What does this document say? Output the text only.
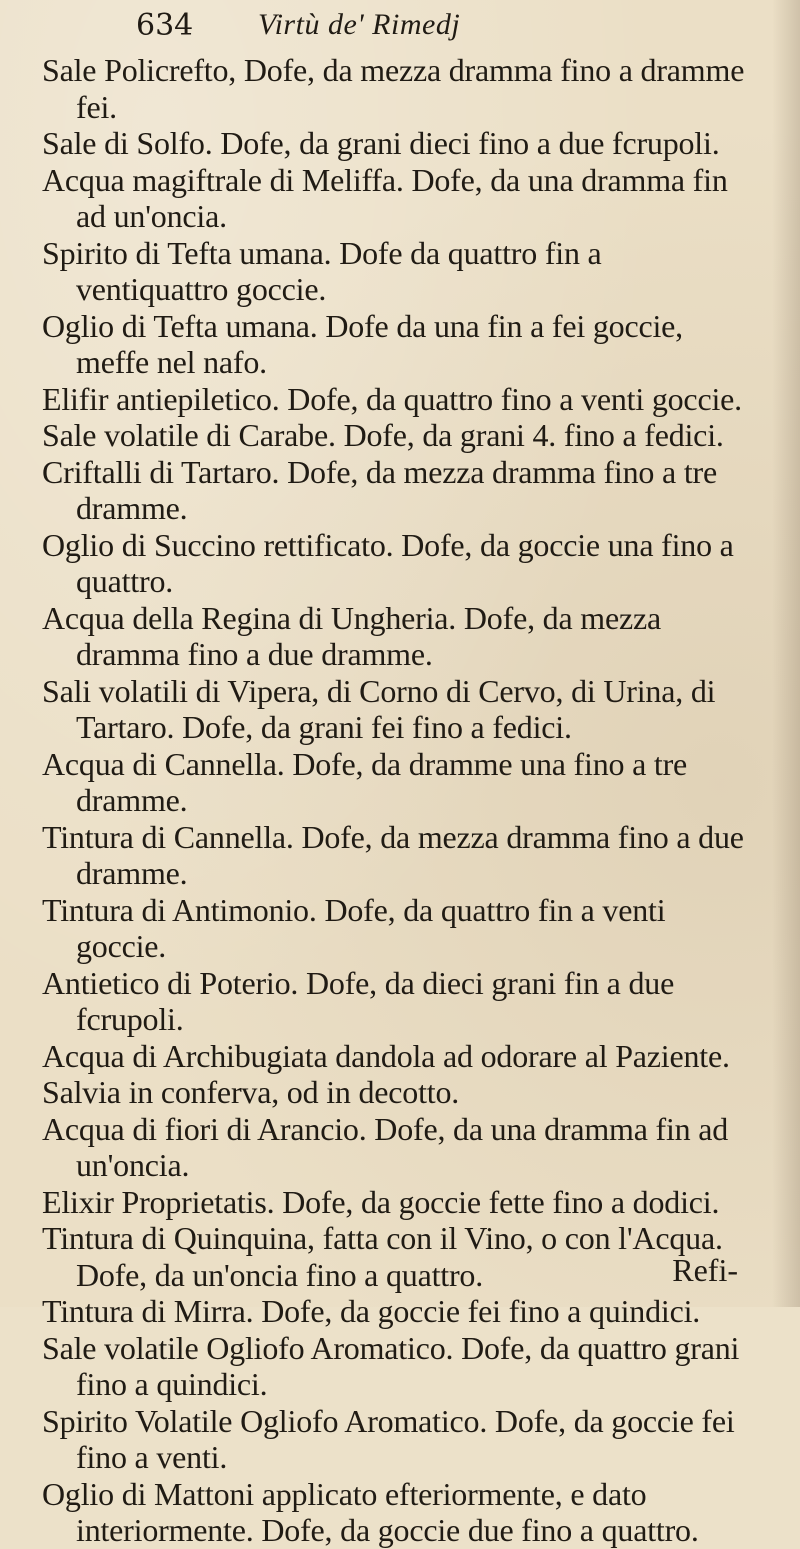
634 Virtù de' Rimedj

Sale Policrefto, Dofe, da mezza dramma fino a dramme fei.

Sale di Solfo. Dofe, da grani dieci fino a due fcrupoli.

Acqua magiftrale di Meliffa. Dofe, da una dramma fin ad un'oncia.

Spirito di Tefta umana. Dofe da quattro fin a ventiquattro goccie.

Oglio di Tefta umana. Dofe da una fin a fei goccie, meffe nel nafo.

Elifir antiepiletico. Dofe, da quattro fino a venti goccie.

Sale volatile di Carabe. Dofe, da grani 4. fino a fedici.

Criftalli di Tartaro. Dofe, da mezza dramma fino a tre dramme.

Oglio di Succino rettificato. Dofe, da goccie una fino a quattro.

Acqua della Regina di Ungheria. Dofe, da mezza dramma fino a due dramme.

Sali volatili di Vipera, di Corno di Cervo, di Urina, di Tartaro. Dofe, da grani fei fino a fedici.

Acqua di Cannella. Dofe, da dramme una fino a tre dramme.

Tintura di Cannella. Dofe, da mezza dramma fino a due dramme.

Tintura di Antimonio. Dofe, da quattro fin a venti goccie.

Antietico di Poterio. Dofe, da dieci grani fin a due fcrupoli.

Acqua di Archibugiata dandola ad odorare al Paziente.

Salvia in conferva, od in decotto.

Acqua di fiori di Arancio. Dofe, da una dramma fin ad un'oncia.

Elixir Proprietatis. Dofe, da goccie fette fino a dodici.

Tintura di Quinquina, fatta con il Vino, o con l'Acqua. Dofe, da un'oncia fino a quattro.

Tintura di Mirra. Dofe, da goccie fei fino a quindici.

Sale volatile Ogliofo Aromatico. Dofe, da quattro grani fino a quindici.

Spirito Volatile Ogliofo Aromatico. Dofe, da goccie fei fino a venti.

Oglio di Mattoni applicato efteriormente, e dato interiormente. Dofe, da goccie due fino a quattro.

Refi-
